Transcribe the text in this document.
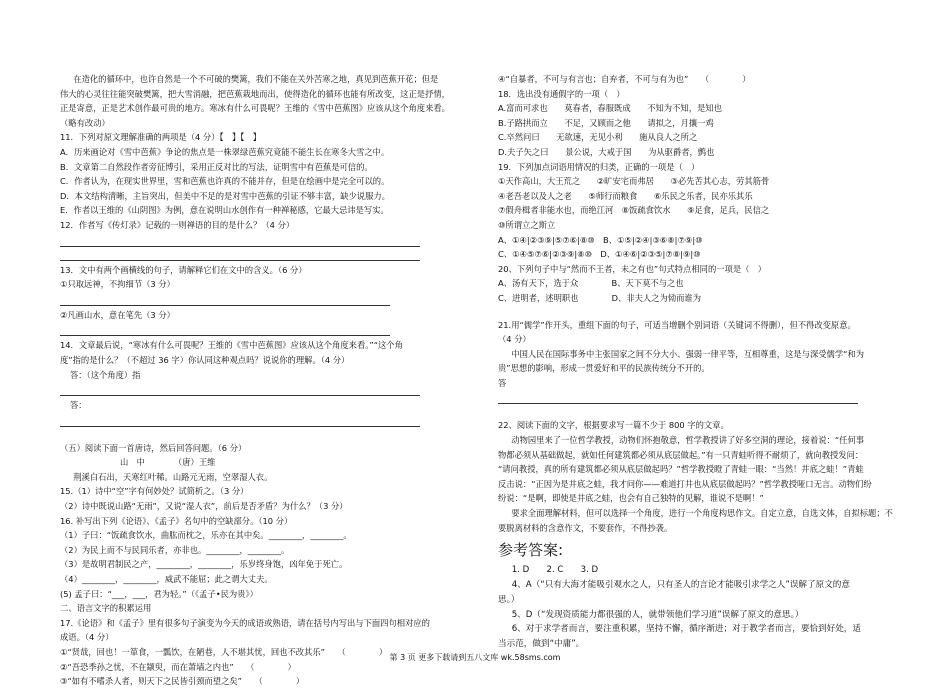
在造化的循环中，也许自然是一个不可破的樊篱，我们不能在关外苦寒之地，真见到芭蕉开花；但是

伟大的心灵往往能突破樊篱，把大雪消融，把芭蕉栽地而出，使得造化的循环也能有所改变，这正是抒情，

正是寄意，正是艺术创作最可贵的地方。寒冰有什么可畏呢？王维的《雪中芭蕉图》应该从这个角度来看。

（略有改动）

11．下列对原文理解准确的两项是（4 分）【　】【　】

A．历来画论对《雪中芭蕉》争论的焦点是一株翠绿芭蕉究竟能不能生长在寒冬大雪之中。

B．文章第二自然段作者旁征博引，采用正反对比的写法，证明雪中有芭蕉是可信的。

C．作者认为，在现实世界里，雪和芭蕉也许真的不能并存，但是在绘画中是完全可以的。

D．本文结构清晰，主旨突出，但美中不足的是对雪中芭蕉的引证不够丰富，缺少说服力。

E．作者以王维的《山阴图》为例，意在说明山水创作有一种禅秘感，它最大忌讳是写实。

12．作者写《传灯录》记载的一则禅语的目的是什么？（4 分）

13．文中有两个画横线的句子，请解释它们在文中的含义。（6 分）

①只取远神，不拘细节（3 分）

②凡画山水，意在笔先（3 分）

14．文章最后说，“寒冰有什么可畏呢？王维的《雪中芭蕉图》应该从这个角度来看。”“这个角

度”指的是什么？（不超过 36 字）你认同这种观点吗？说说你的理解。（4 分）

答：（这个角度）指

答：

（五）阅读下面一首唐诗，然后回答问题。（6 分）

山　中　　　　（唐）王维

荆溪白石出，天寒红叶稀。山路元无雨，空翠湿人衣。

15.（1）诗中“空”字有何妙处？试简析之。（3 分）

（2）诗中既说山路“无雨”，又说“湿人衣”，前后是否矛盾？为什么？（3 分）

16. 补写出下列《论语》、《孟子》名句中的空缺部分。（10 分）

（1）子曰：“饭疏食饮水，曲肱而枕之，乐亦在其中矣。________，________。

（2）为民上而不与民同乐者，亦非也。________，________。

（3）是故明君制民之产，________，________，乐岁终身饱，凶年免于死亡。

（4）________，________，威武不能屈；此之谓大丈夫。

(5) 孟子曰：“___，___，君为轻。”（《孟子•民为贵》）

二、语言文字的积累运用

17.《论语》和《孟子》里有很多句子演变为今天的成语或熟语，请在括号内写出与下面四句相对应的

成语。（4 分）

①“贤哉，回也！一箪食，一瓢饮，在陋巷，人不堪其忧，回也不改其乐”　　（　　　　）

②“吾恐季孙之忧，不在颛臾，而在萧墙之内也”　　（　　　　）

③“如有不嗜杀人者，则天下之民皆引颈而望之矣”　　（　　　　）

④“自暴者，不可与有言也；自弃者，不可与有为也”　　（　　　　）

18．选出没有通假字的一项（　）

A.富而可求也　　莫春者，春服既成　　不知为不知，是知也

B.子路拱而立　　不足，又顾而之他　　请拟之，月攘一鸡

C.卒然问曰　　无欲速，无见小利　　施从良人之所之

D.夫子矢之曰　　景公说，大戒于国　　为从驱爵者，鹯也

19．下列加点词语用情况的归类，正确的一项是（　）

①天作高山，大王荒之　　②旷安宅而弗居　　③必先苦其心志，劳其筋骨

④老吾老以及人之老　　⑤师行而粮食　　⑥乐民之乐者，民亦乐其乐

⑦假舟楫者非能水也，而绝江河　⑧饭疏食饮水　　⑨足食，足兵，民信之

⑩所谓立之斯立

A、①④|②③⑨|⑤⑦⑥|⑧⑩　B、①⑤|②④|③⑥⑧|⑦⑨|⑩

C、①④⑤⑦⑥|②③⑨|⑧⑩　D、①④⑥|②③⑤|⑦⑧|⑨|⑩

20、下列句子中与“然而不王者，未之有也”句式特点相同的一项是（　）

A、汤有天下，选于众　　　　B、天下莫不与之也

C、进明者，述明职也　　　　D、非夫人之为恸而谁为

21.用“儒学”作开头，重组下面的句子，可适当增删个别词语（关键词不得删），但不得改变原意。

（4 分）

中国人民在国际事务中主张国家之间不分大小、强弱一律平等，互相尊重，这是与深受儒学“和为

贵”思想的影响，形成一贯爱好和平的民族传统分不开的。

答

22、阅读下面的文字，根据要求写一篇不少于 800 字的文章。

动物园里来了一位哲学教授，动物们怀抱敬意，哲学教授讲了好多空洞的理论，接着说：“任何事

物都必须从基础做起，就如任何建筑都必须从底层做起。”有一只青蛙听得不耐烦了，就向教授发问：

“请问教授，真的所有建筑都必须从底层做起吗？”哲学教授瞪了青蛙一眼：“当然！井底之蛙！”青蛙

反击说：“正因为是井底之蛙，我才问你——难道打井也从底层做起吗？”哲学教授哑口无言。动物们纷

纷说：“是啊，即使是井底之蛙，也会有自己独特的见解，谁说不是啊！”

要求全面理解材料，但可以选择一个角度，进行一个角度构思作文。自定立意，自选文体，自拟标题；不

要脱离材料的含意作文，不要套作，不得抄袭。

参考答案:

1. D　　2. C　　3. D

4、A（“只有大海才能吸引观水之人，只有圣人的言论才能吸引求学之人”误解了原文的意

思。）

5、D（“发现资质能力都很强的人，就带领他们学习道”误解了原文的意思。）

6、对于求学者而言，要注重积累，坚持不懈，循序渐进；对于教学者而言，要恰到好处，适

当示范，做到“中庸”。

第 3 页 更多下载请到五八文库 wk.58sms.com
